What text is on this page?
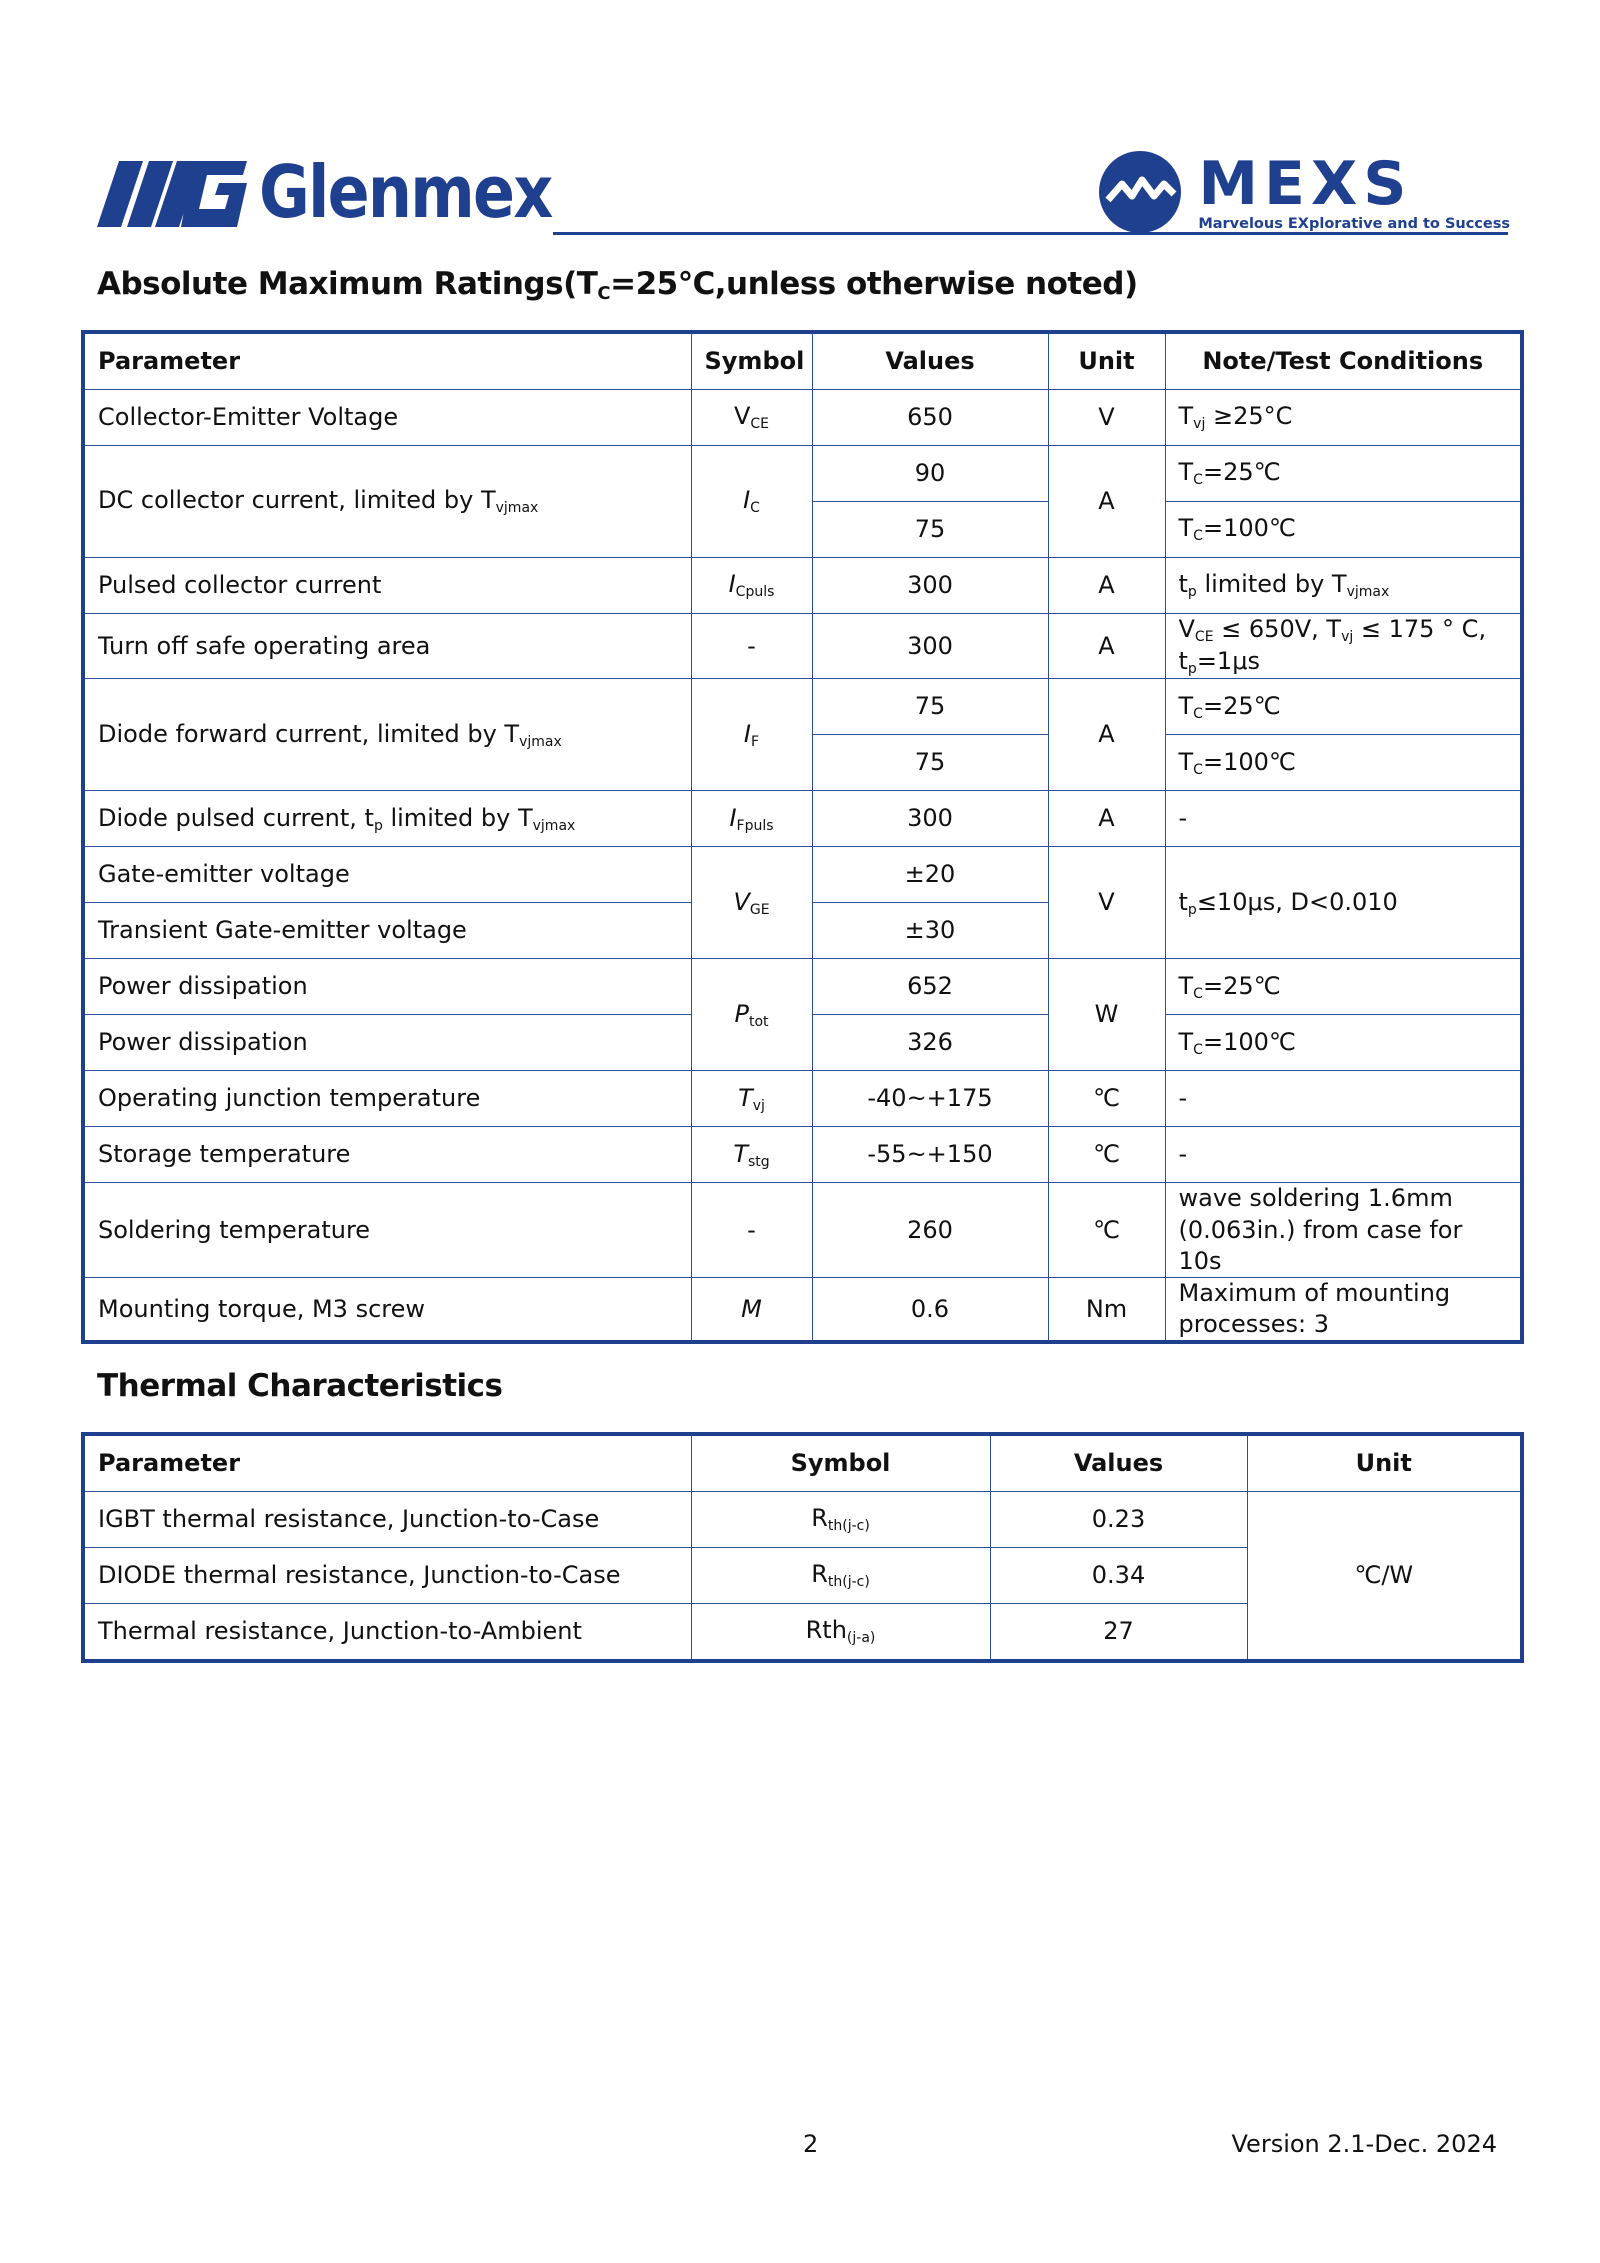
Glenmex	MEXS
Marvelous EXplorative and to Success
Absolute Maximum $Ratings(T_C=25℃,unless$ otherwise noted)
Parameter	Symbol	Values	Unit	Note/Test Conditions
Collector-Emitter Voltage	$V_{CE}$	650	V	$T_{vj} \ge 25^\circ C$
DC collector current, limited by $T_{vjmax}$	$I_C$	90	A	$T_C=25℃$
		75		$T_C=100℃$
Pulsed collector current	$I_{Cpuls}$	300	A	$t_p$ limited by $T_{vjmax}$
Turn off safe operating area	-	300	A	$V_{CE} \le 650V$, $T_{vj} \le 175$ ° C,
$t_p=1\mu s$
Diode forward current, limited by $T_{vjmax}$	$I_F$	75	A	$T_C=25℃$
		75		$T_C=100℃$
Diode pulsed current, $t_p$ limited by $T_{vjmax}$	$I_{Fpuls}$	300	A	-
Gate-emitter voltage	$V_{GE}$	±20	V	$t_p\le 10\mu s$, D<0.010
Transient Gate-emitter voltage		±30		
Power dissipation	$P_{tot}$	652	W	$T_C=25℃$
Power dissipation		326		$T_C=100℃$
Operating junction temperature	$T_{vj}$	-40~+175	℃	-
Storage temperature	$T_{stg}$	-55~+150	℃	-
Soldering temperature	-	260	℃	wave soldering 1.6mm
(0.063in.) from case for 10s
Mounting torque, M3 screw	M	0.6	Nm	Maximum of mounting
processes: 3
Thermal Characteristics
Parameter	Symbol	Values	Unit
IGBT thermal resistance, Junction-to-Case	$R_{th(j-c)}$	0.23	℃/W
DIODE thermal resistance, Junction-to-Case	$R_{th(j-c)}$	0.34	
Thermal resistance, Junction-to-Ambient	Rth$_{(j-a)}$	27	
2	Version 2.1-Dec. 2024
